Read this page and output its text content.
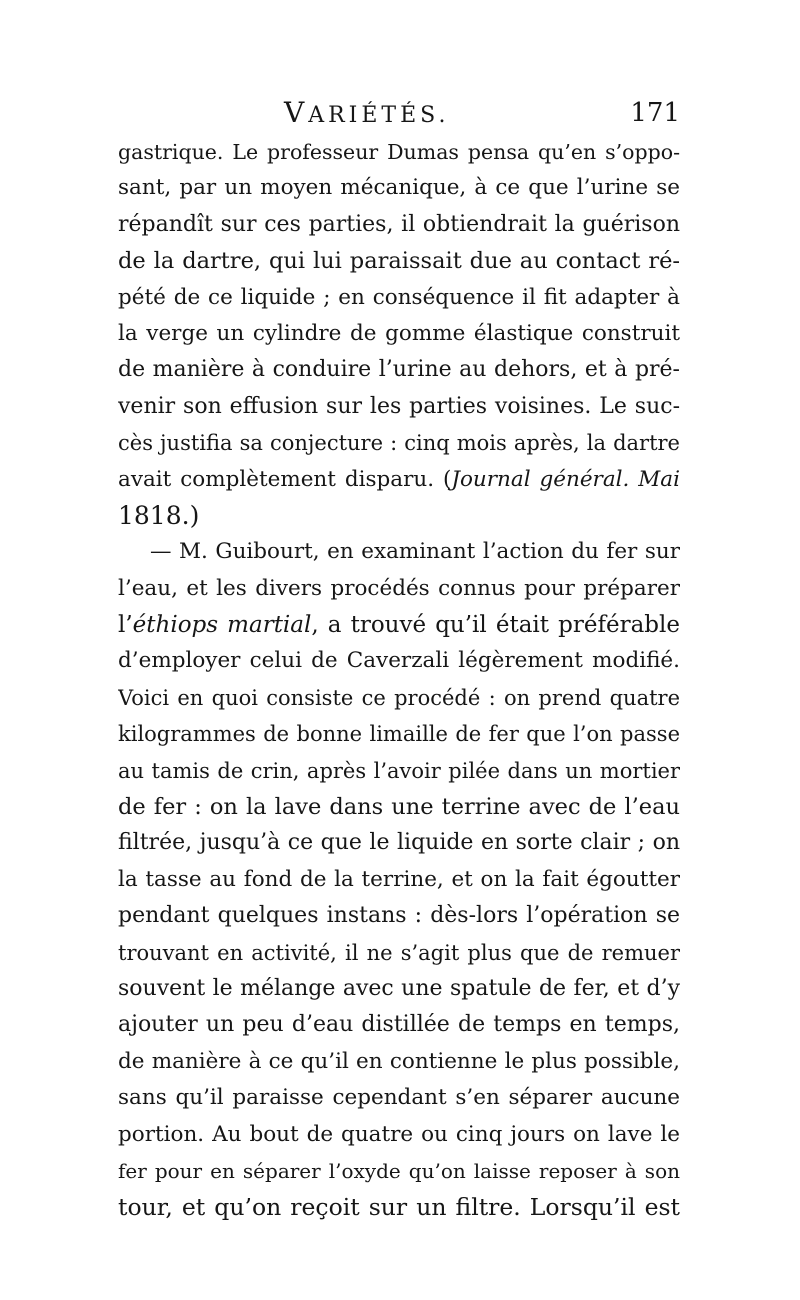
VARIÉTÉS.	171
gastrique. Le professeur Dumas pensa qu’en s’oppo-
sant, par un moyen mécanique, à ce que l’urine se
répandît sur ces parties, il obtiendrait la guérison
de la dartre, qui lui paraissait due au contact ré-
pété de ce liquide ; en conséquence il fit adapter à
la verge un cylindre de gomme élastique construit
de manière à conduire l’urine au dehors, et à pré-
venir son effusion sur les parties voisines. Le suc-
cès justifia sa conjecture : cinq mois après, la dartre
avait complètement disparu. (Journal général. Mai
1818.)
— M. Guibourt, en examinant l’action du fer sur
l’eau, et les divers procédés connus pour préparer
l’éthiops martial, a trouvé qu’il était préférable
d’employer celui de Caverzali légèrement modifié.
Voici en quoi consiste ce procédé : on prend quatre
kilogrammes de bonne limaille de fer que l’on passe
au tamis de crin, après l’avoir pilée dans un mortier
de fer : on la lave dans une terrine avec de l’eau
filtrée, jusqu’à ce que le liquide en sorte clair ; on
la tasse au fond de la terrine, et on la fait égoutter
pendant quelques instans : dès-lors l’opération se
trouvant en activité, il ne s’agit plus que de remuer
souvent le mélange avec une spatule de fer, et d’y
ajouter un peu d’eau distillée de temps en temps,
de manière à ce qu’il en contienne le plus possible,
sans qu’il paraisse cependant s’en séparer aucune
portion. Au bout de quatre ou cinq jours on lave le
fer pour en séparer l’oxyde qu’on laisse reposer à son
tour, et qu’on reçoit sur un filtre. Lorsqu’il est
